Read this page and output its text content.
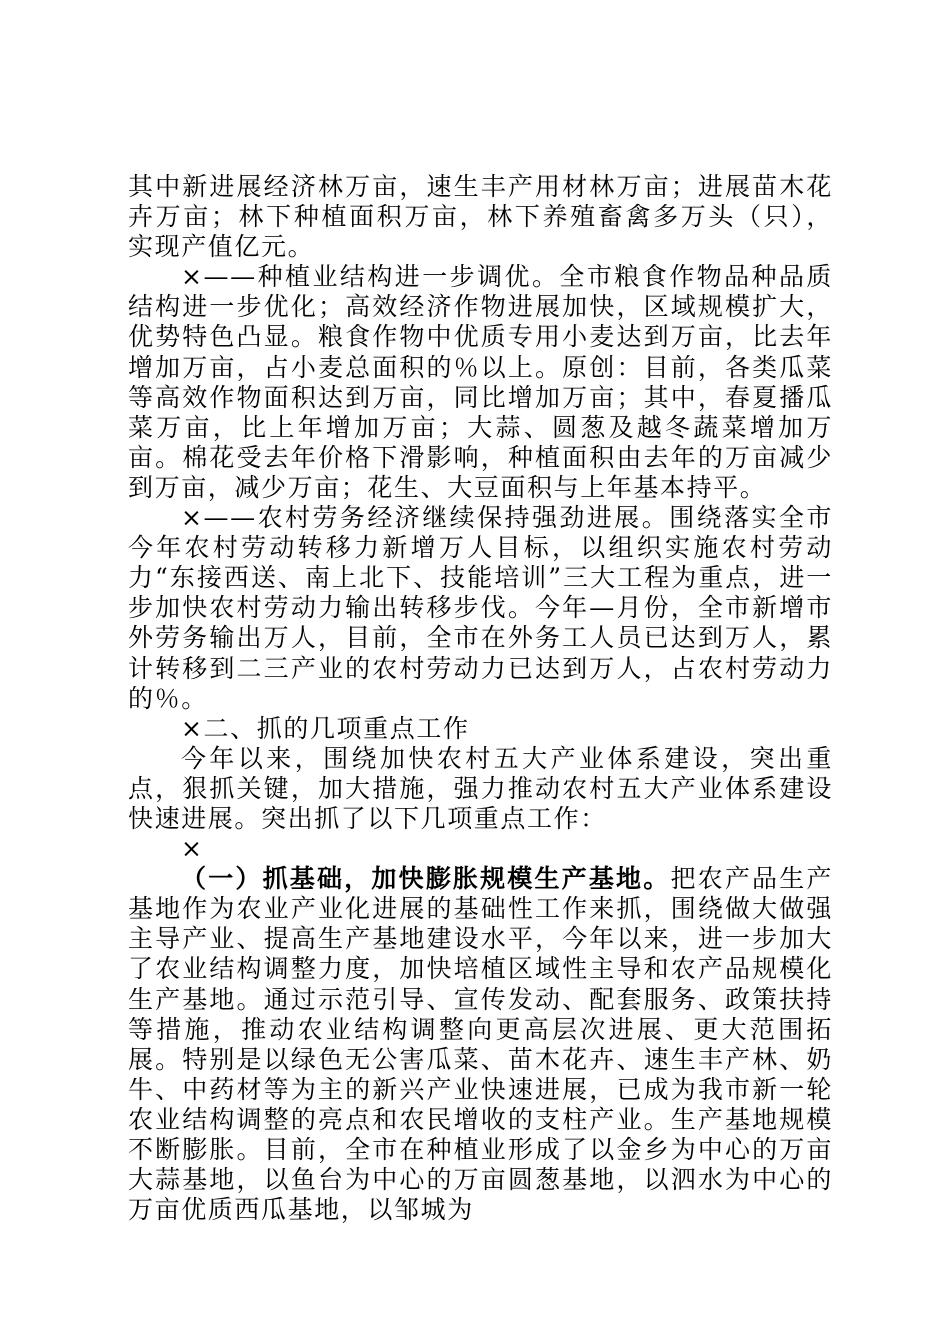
其中新进展经济林万亩，速生丰产用材林万亩；进展苗木花卉万亩；林下种植面积万亩，林下养殖畜禽多万头（只），实现产值亿元。

×——种植业结构进一步调优。全市粮食作物品种品质结构进一步优化；高效经济作物进展加快，区域规模扩大，优势特色凸显。粮食作物中优质专用小麦达到万亩，比去年增加万亩，占小麦总面积的％以上。原创：目前，各类瓜菜等高效作物面积达到万亩，同比增加万亩；其中，春夏播瓜菜万亩，比上年增加万亩；大蒜、圆葱及越冬蔬菜增加万亩。棉花受去年价格下滑影响，种植面积由去年的万亩减少到万亩，减少万亩；花生、大豆面积与上年基本持平。

×——农村劳务经济继续保持强劲进展。围绕落实全市今年农村劳动转移力新增万人目标，以组织实施农村劳动力“东接西送、南上北下、技能培训”三大工程为重点，进一步加快农村劳动力输出转移步伐。今年—月份，全市新增市外劳务输出万人，目前，全市在外务工人员已达到万人，累计转移到二三产业的农村劳动力已达到万人，占农村劳动力的％。

×二、抓的几项重点工作

今年以来，围绕加快农村五大产业体系建设，突出重点，狠抓关键，加大措施，强力推动农村五大产业体系建设快速进展。突出抓了以下几项重点工作：

×

（一）抓基础，加快膨胀规模生产基地。把农产品生产基地作为农业产业化进展的基础性工作来抓，围绕做大做强主导产业、提高生产基地建设水平，今年以来，进一步加大了农业结构调整力度，加快培植区域性主导和农产品规模化生产基地。通过示范引导、宣传发动、配套服务、政策扶持等措施，推动农业结构调整向更高层次进展、更大范围拓展。特别是以绿色无公害瓜菜、苗木花卉、速生丰产林、奶牛、中药材等为主的新兴产业快速进展，已成为我市新一轮农业结构调整的亮点和农民增收的支柱产业。生产基地规模不断膨胀。目前，全市在种植业形成了以金乡为中心的万亩大蒜基地，以鱼台为中心的万亩圆葱基地，以泗水为中心的万亩优质西瓜基地，以邹城为
